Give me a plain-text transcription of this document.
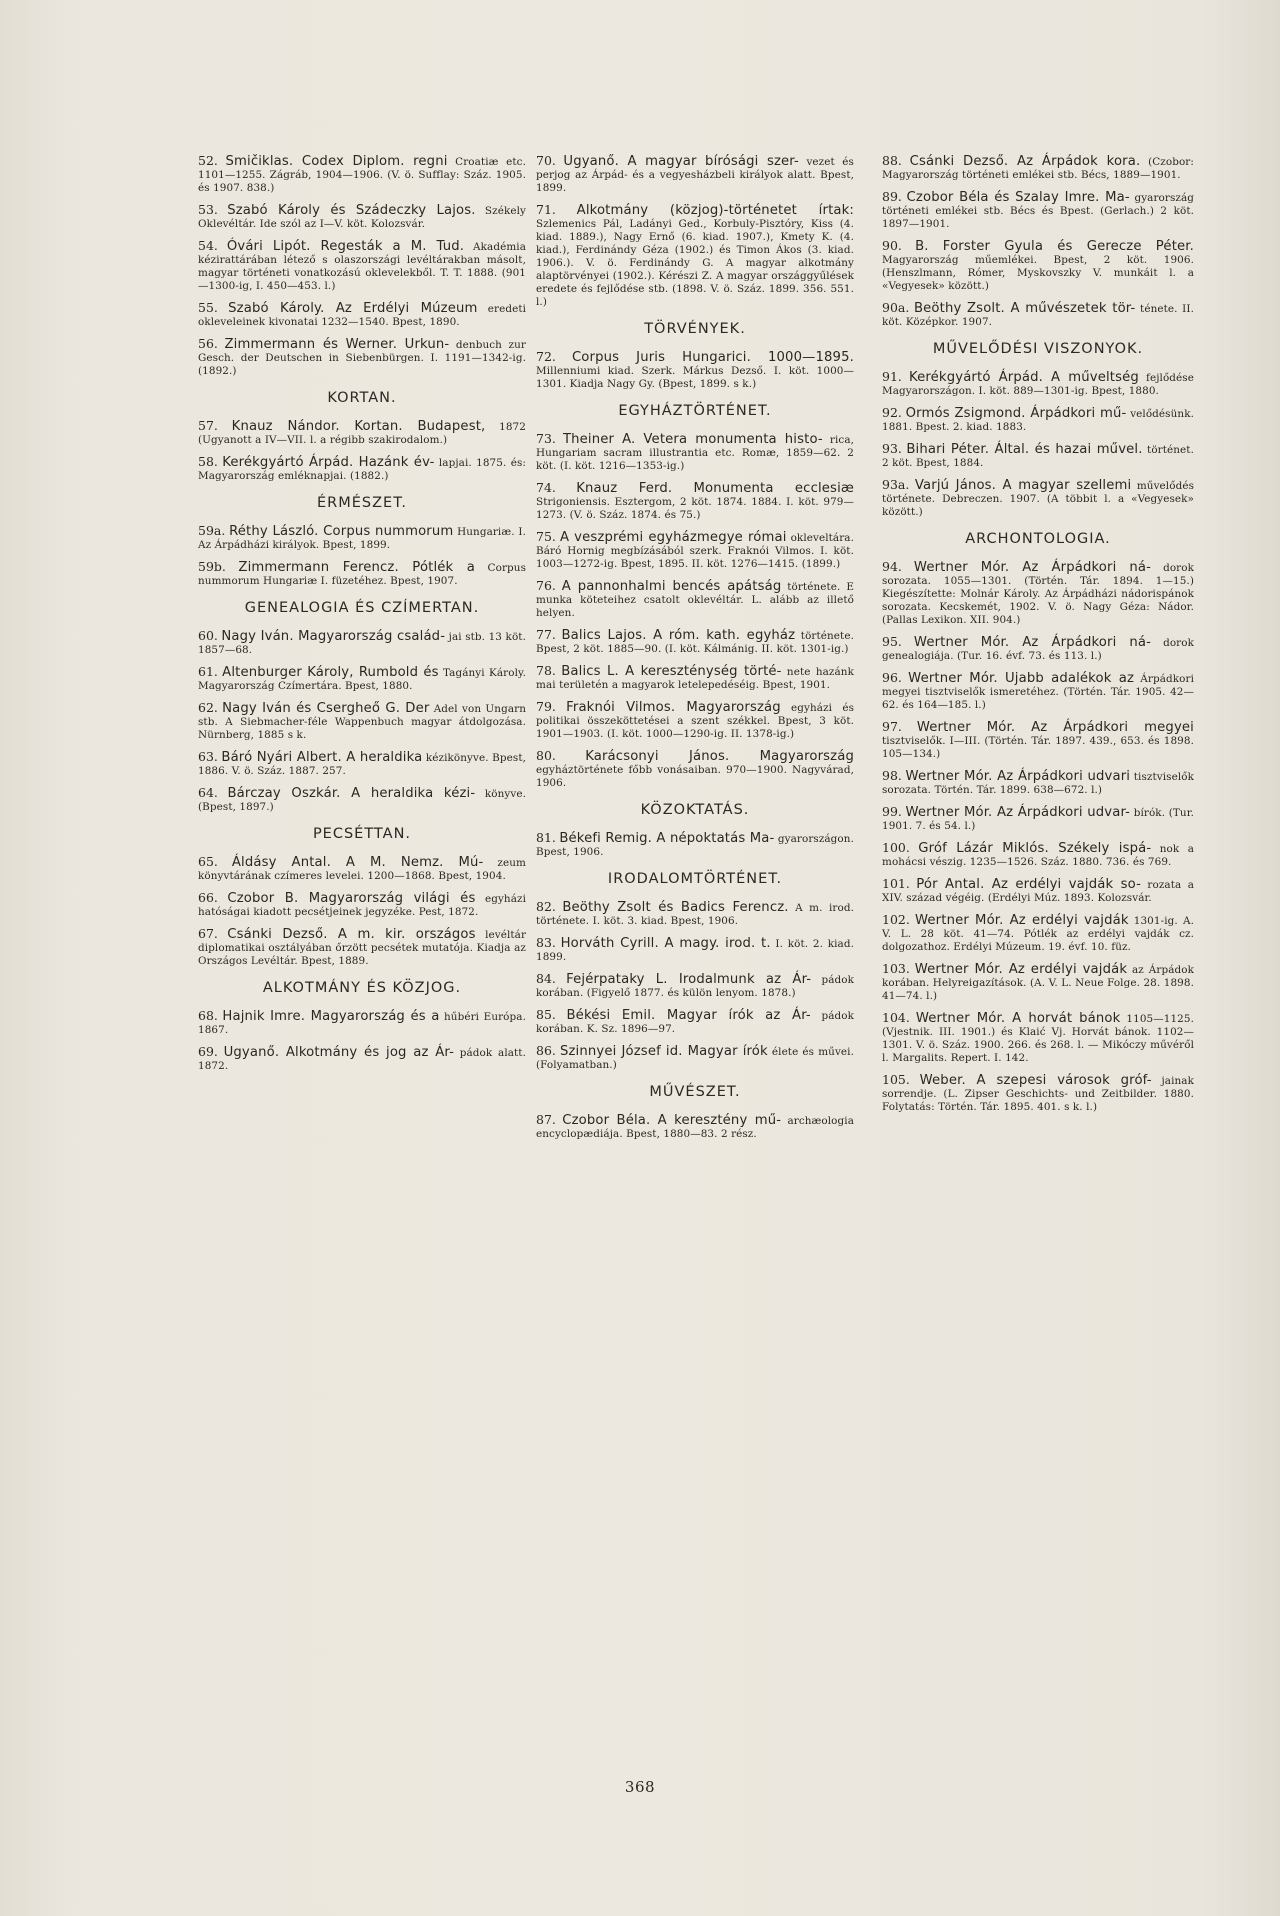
52. Smičiklas. Codex Diplom. regni Croatiæ etc. 1101—1255. Zágráb, 1904—1906. (V. ö. Sufflay: Száz. 1905. és 1907. 838.)
53. Szabó Károly és Szádeczky Lajos. Székely Oklevéltár. Ide szól az I—V. köt. Kolozsvár.
54. Óvári Lipót. Regesták a M. Tud. Akadémia kézirattárában létező s olaszországi levéltárakban másolt, magyar történeti vonatkozású oklevelekből. T. T. 1888. (901—1300-ig, I. 450—453. l.)
55. Szabó Károly. Az Erdélyi Múzeum eredeti okleveleinek kivonatai 1232—1540. Bpest, 1890.
56. Zimmermann és Werner. Urkun- denbuch zur Gesch. der Deutschen in Siebenbürgen. I. 1191—1342-ig. (1892.)
KORTAN.
57. Knauz Nándor. Kortan. Budapest, 1872 (Ugyanott a IV—VII. l. a régibb szakirodalom.)
58. Kerékgyártó Árpád. Hazánk év- lapjai. 1875. és: Magyarország emléknapjai. (1882.)
ÉRMÉSZET.
59a. Réthy László. Corpus nummorum Hungariæ. I. Az Árpádházi királyok. Bpest, 1899.
59b. Zimmermann Ferencz. Pótlék a Corpus nummorum Hungariæ I. füzetéhez. Bpest, 1907.
GENEALOGIA ÉS CZÍMERTAN.
60. Nagy Iván. Magyarország család- jai stb. 13 köt. 1857—68.
61. Altenburger Károly, Rumbold és Tagányi Károly. Magyarország Czímertára. Bpest, 1880.
62. Nagy Iván és Csergheő G. Der Adel von Ungarn stb. A Siebmacher-féle Wappenbuch magyar átdolgozása. Nürnberg, 1885 s k.
63. Báró Nyári Albert. A heraldika kézikönyve. Bpest, 1886. V. ö. Száz. 1887. 257.
64. Bárczay Oszkár. A heraldika kézi- könyve. (Bpest, 1897.)
PECSÉTTAN.
65. Áldásy Antal. A M. Nemz. Mú- zeum könyvtárának czímeres levelei. 1200—1868. Bpest, 1904.
66. Czobor B. Magyarország világi és egyházi hatóságai kiadott pecsétjeinek jegyzéke. Pest, 1872.
67. Csánki Dezső. A m. kir. országos levéltár diplomatikai osztályában őrzött pecsétek mutatója. Kiadja az Országos Levéltár. Bpest, 1889.
ALKOTMÁNY ÉS KÖZJOG.
68. Hajnik Imre. Magyarország és a hűbéri Európa. 1867.
69. Ugyanő. Alkotmány és jog az Ár- pádok alatt. 1872.
70. Ugyanő. A magyar bírósági szer- vezet és perjog az Árpád- és a vegyesházbeli királyok alatt. Bpest, 1899.
71. Alkotmány (közjog)-történetet írtak: Szlemenics Pál, Ladányi Ged., Korbuly-Pisztóry, Kiss (4. kiad. 1889.), Nagy Ernő (6. kiad. 1907.), Kmety K. (4. kiad.), Ferdinándy Géza (1902.) és Timon Ákos (3. kiad. 1906.). V. ö. Ferdinándy G. A magyar alkotmány alaptörvényei (1902.). Kérészi Z. A magyar országgyűlések eredete és fejlődése stb. (1898. V. ö. Száz. 1899. 356. 551. l.)
TÖRVÉNYEK.
72. Corpus Juris Hungarici. 1000—1895. Millenniumi kiad. Szerk. Márkus Dezső. I. köt. 1000—1301. Kiadja Nagy Gy. (Bpest, 1899. s k.)
EGYHÁZTÖRTÉNET.
73. Theiner A. Vetera monumenta histo- rica, Hungariam sacram illustrantia etc. Romæ, 1859—62. 2 köt. (I. köt. 1216—1353-ig.)
74. Knauz Ferd. Monumenta ecclesiæ Strigoniensis. Esztergom, 2 köt. 1874. 1884. I. köt. 979—1273. (V. ö. Száz. 1874. és 75.)
75. A veszprémi egyházmegye római okleveltára. Báró Hornig megbízásából szerk. Fraknói Vilmos. I. köt. 1003—1272-ig. Bpest, 1895. II. köt. 1276—1415. (1899.)
76. A pannonhalmi bencés apátság története. E munka köteteihez csatolt oklevéltár. L. alább az illető helyen.
77. Balics Lajos. A róm. kath. egyház története. Bpest, 2 köt. 1885—90. (I. köt. Kálmánig. II. köt. 1301-ig.)
78. Balics L. A kereszténység törté- nete hazánk mai területén a magyarok letelepedéséig. Bpest, 1901.
79. Fraknói Vilmos. Magyarország egyházi és politikai összeköttetései a szent székkel. Bpest, 3 köt. 1901—1903. (I. köt. 1000—1290-ig. II. 1378-ig.)
80. Karácsonyi János. Magyarország egyháztörténete főbb vonásaiban. 970—1900. Nagyvárad, 1906.
KÖZOKTATÁS.
81. Békefi Remig. A népoktatás Ma- gyarországon. Bpest, 1906.
IRODALOMTÖRTÉNET.
82. Beöthy Zsolt és Badics Ferencz. A m. irod. története. I. köt. 3. kiad. Bpest, 1906.
83. Horváth Cyrill. A magy. irod. t. I. köt. 2. kiad. 1899.
84. Fejérpataky L. Irodalmunk az Ár- pádok korában. (Figyelő 1877. és külön lenyom. 1878.)
85. Békési Emil. Magyar írók az Ár- pádok korában. K. Sz. 1896—97.
86. Szinnyei József id. Magyar írók élete és művei. (Folyamatban.)
MŰVÉSZET.
87. Czobor Béla. A keresztény mű- archæologia encyclopædiája. Bpest, 1880—83. 2 rész.
88. Csánki Dezső. Az Árpádok kora. (Czobor: Magyarország történeti emlékei stb. Bécs, 1889—1901.
89. Czobor Béla és Szalay Imre. Ma- gyarország történeti emlékei stb. Bécs és Bpest. (Gerlach.) 2 köt. 1897—1901.
90. B. Forster Gyula és Gerecze Péter. Magyarország műemlékei. Bpest, 2 köt. 1906. (Henszlmann, Rómer, Myskovszky V. munkáit l. a «Vegyesek» között.)
90a. Beöthy Zsolt. A művészetek tör- ténete. II. köt. Középkor. 1907.
MŰVELŐDÉSI VISZONYOK.
91. Kerékgyártó Árpád. A műveltség fejlődése Magyarországon. I. köt. 889—1301-ig. Bpest, 1880.
92. Ormós Zsigmond. Árpádkori mű- velődésünk. 1881. Bpest. 2. kiad. 1883.
93. Bihari Péter. Által. és hazai művel. történet. 2 köt. Bpest, 1884.
93a. Varjú János. A magyar szellemi művelődés története. Debreczen. 1907. (A többit l. a «Vegyesek» között.)
ARCHONTOLOGIA.
94. Wertner Mór. Az Árpádkori ná- dorok sorozata. 1055—1301. (Történ. Tár. 1894. 1—15.) Kiegészítette: Molnár Károly. Az Árpádházi nádorispánok sorozata. Kecskemét, 1902. V. ö. Nagy Géza: Nádor. (Pallas Lexikon. XII. 904.)
95. Wertner Mór. Az Árpádkori ná- dorok genealogiája. (Tur. 16. évf. 73. és 113. l.)
96. Wertner Mór. Ujabb adalékok az Árpádkori megyei tisztviselők ismeretéhez. (Történ. Tár. 1905. 42—62. és 164—185. l.)
97. Wertner Mór. Az Árpádkori megyei tisztviselők. I—III. (Történ. Tár. 1897. 439., 653. és 1898. 105—134.)
98. Wertner Mór. Az Árpádkori udvari tisztviselők sorozata. Történ. Tár. 1899. 638—672. l.)
99. Wertner Mór. Az Árpádkori udvar- bírók. (Tur. 1901. 7. és 54. l.)
100. Gróf Lázár Miklós. Székely ispá- nok a mohácsi vészig. 1235—1526. Száz. 1880. 736. és 769.
101. Pór Antal. Az erdélyi vajdák so- rozata a XIV. század végéig. (Erdélyi Múz. 1893. Kolozsvár.
102. Wertner Mór. Az erdélyi vajdák 1301-ig. A. V. L. 28 köt. 41—74. Pótlék az erdélyi vajdák cz. dolgozathoz. Erdélyi Múzeum. 19. évf. 10. füz.
103. Wertner Mór. Az erdélyi vajdák az Árpádok korában. Helyreigazítások. (A. V. L. Neue Folge. 28. 1898. 41—74. l.)
104. Wertner Mór. A horvát bánok 1105—1125. (Vjestnik. III. 1901.) és Klaić Vj. Horvát bánok. 1102—1301. V. ö. Száz. 1900. 266. és 268. l. — Mikóczy művéről l. Margalits. Repert. I. 142.
105. Weber. A szepesi városok gróf- jainak sorrendje. (L. Zipser Geschichts- und Zeitbilder. 1880. Folytatás: Történ. Tár. 1895. 401. s k. l.)
368
